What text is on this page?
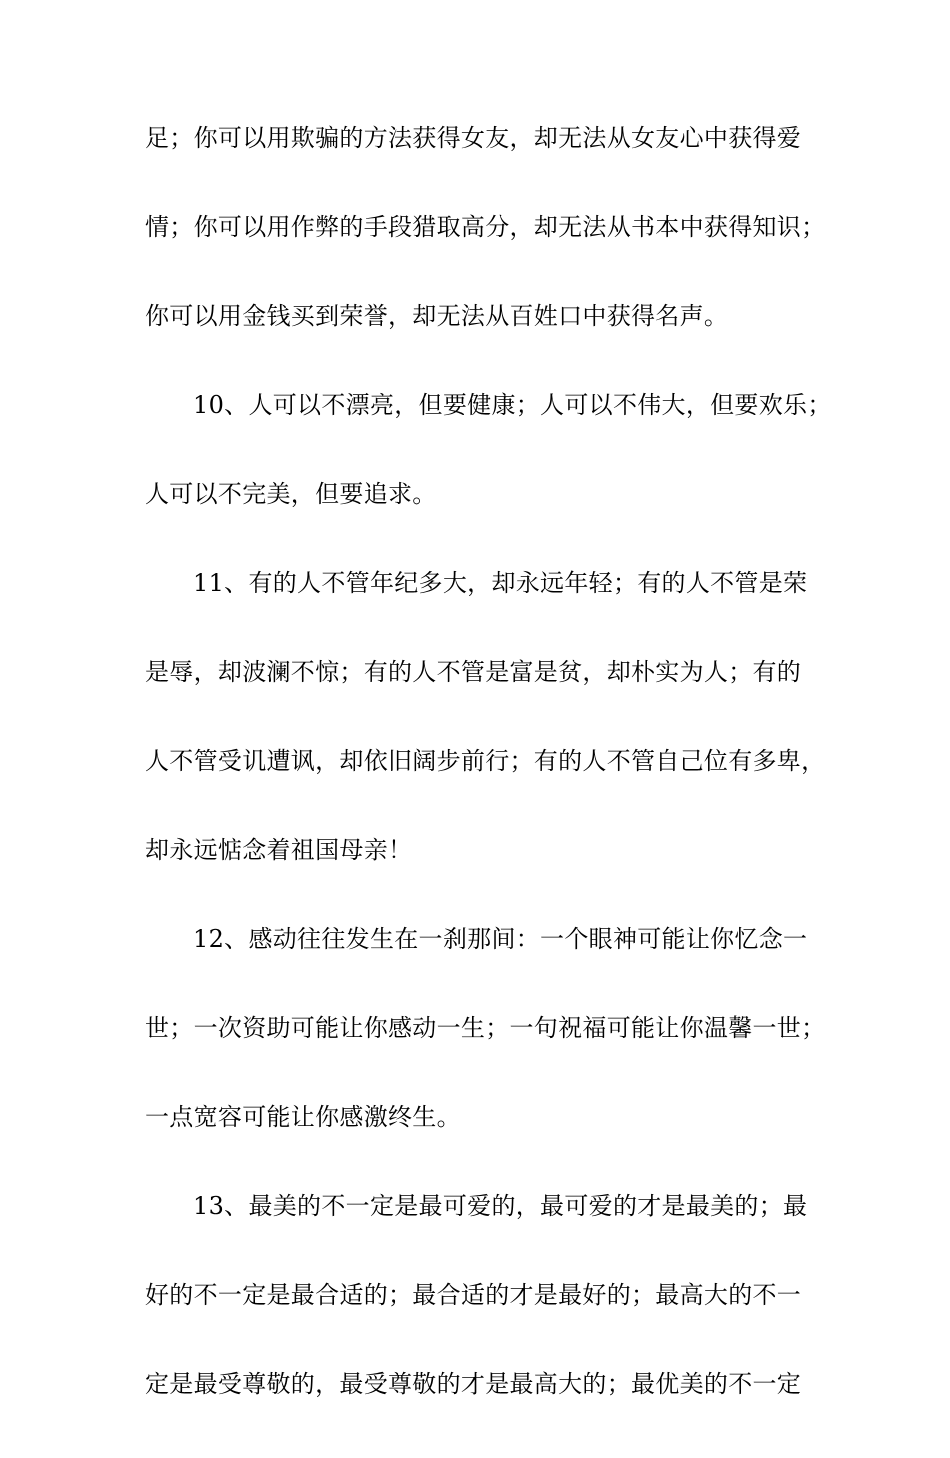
足；你可以用欺骗的方法获得女友，却无法从女友心中获得爱
情；你可以用作弊的手段猎取高分，却无法从书本中获得知识；
你可以用金钱买到荣誉，却无法从百姓口中获得名声。
10、人可以不漂亮，但要健康；人可以不伟大，但要欢乐；
人可以不完美，但要追求。
11、有的人不管年纪多大，却永远年轻；有的人不管是荣
是辱，却波澜不惊；有的人不管是富是贫，却朴实为人；有的
人不管受讥遭讽，却依旧阔步前行；有的人不管自己位有多卑，
却永远惦念着祖国母亲！
12、感动往往发生在一刹那间：一个眼神可能让你忆念一
世；一次资助可能让你感动一生；一句祝福可能让你温馨一世；
一点宽容可能让你感激终生。
13、最美的不一定是最可爱的，最可爱的才是最美的；最
好的不一定是最合适的；最合适的才是最好的；最高大的不一
定是最受尊敬的，最受尊敬的才是最高大的；最优美的不一定
